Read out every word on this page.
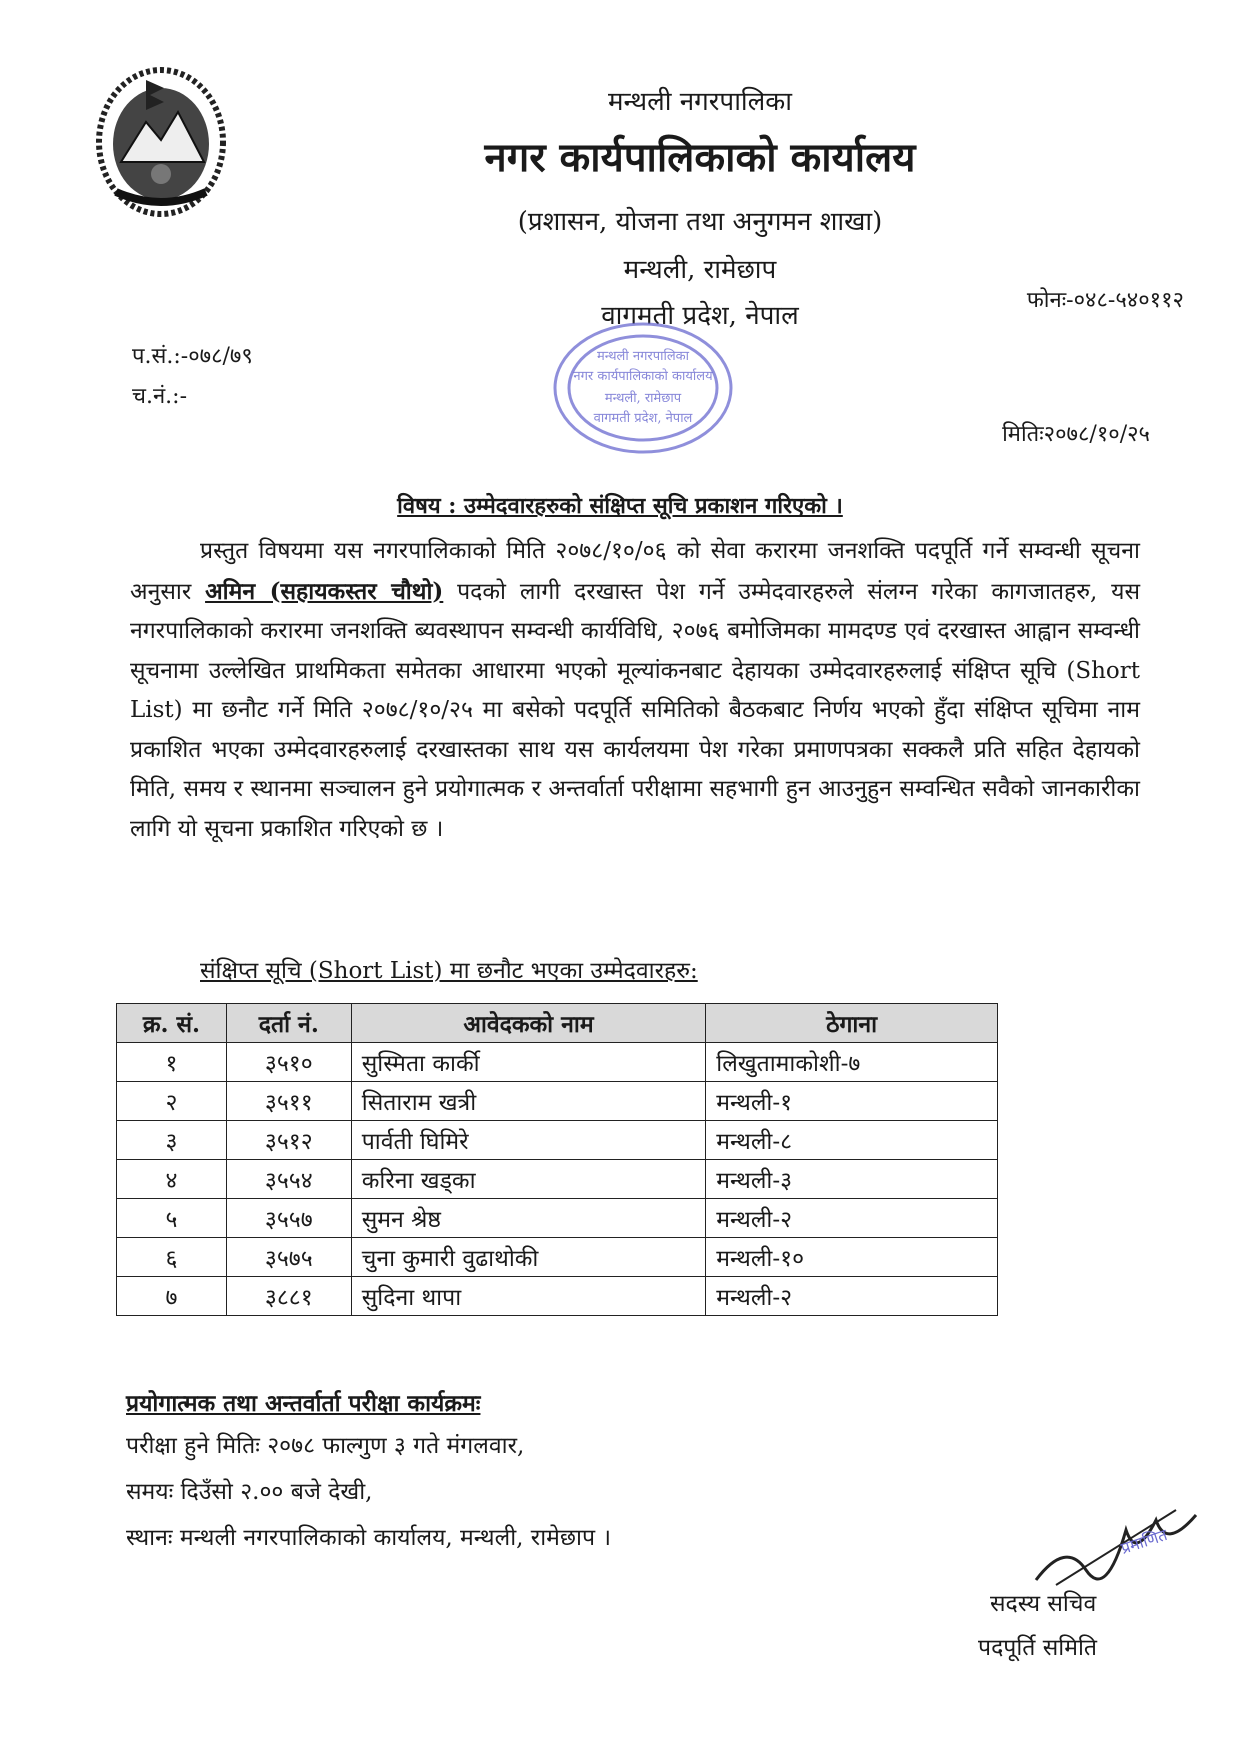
मन्थली नगरपालिका
नगर कार्यपालिकाको कार्यालय
(प्रशासन, योजना तथा अनुगमन शाखा)
मन्थली, रामेछाप
वागमती प्रदेश, नेपाल
फोनः-०४८-५४०११२
प.सं.:-०७८/७९
च.नं.:-
मितिः२०७८/१०/२५
मन्थली नगरपालिका
नगर कार्यपालिकाको कार्यालय
मन्थली, रामेछाप
वागमती प्रदेश, नेपाल
विषय : उम्मेदवारहरुको संक्षिप्त सूचि प्रकाशन गरिएको ।
प्रस्तुत विषयमा यस नगरपालिकाको मिति २०७८/१०/०६ को सेवा करारमा जनशक्ति पदपूर्ति गर्ने सम्वन्धी सूचना अनुसार अमिन (सहायकस्तर चौथो) पदको लागी दरखास्त पेश गर्ने उम्मेदवारहरुले संलग्न गरेका कागजातहरु, यस नगरपालिकाको करारमा जनशक्ति ब्यवस्थापन सम्वन्धी कार्यविधि, २०७६ बमोजिमका मामदण्ड एवं दरखास्त आह्वान सम्वन्धी सूचनामा उल्लेखित प्राथमिकता समेतका आधारमा भएको मूल्यांकनबाट देहायका उम्मेदवारहरुलाई संक्षिप्त सूचि (Short List) मा छनौट गर्ने मिति २०७८/१०/२५ मा बसेको पदपूर्ति समितिको बैठकबाट निर्णय भएको हुँदा संक्षिप्त सूचिमा नाम प्रकाशित भएका उम्मेदवारहरुलाई दरखास्तका साथ यस कार्यलयमा पेश गरेका प्रमाणपत्रका सक्कलै प्रति सहित देहायको मिति, समय र स्थानमा सञ्चालन हुने प्रयोगात्मक र अन्तर्वार्ता परीक्षामा सहभागी हुन आउनुहुन सम्वन्धित सवैको जानकारीका लागि यो सूचना प्रकाशित गरिएको छ ।
संक्षिप्त सूचि (Short List) मा छनौट भएका उम्मेदवारहरु:
क्र. सं.	दर्ता नं.	आवेदकको नाम	ठेगाना
१	३५१०	सुस्मिता कार्की	लिखुतामाकोशी-७
२	३५११	सिताराम खत्री	मन्थली-१
३	३५१२	पार्वती घिमिरे	मन्थली-८
४	३५५४	करिना खड्का	मन्थली-३
५	३५५७	सुमन श्रेष्ठ	मन्थली-२
६	३५७५	चुना कुमारी वुढाथोकी	मन्थली-१०
७	३८८१	सुदिना थापा	मन्थली-२
प्रयोगात्मक तथा अन्तर्वार्ता परीक्षा कार्यक्रमः
परीक्षा हुने मितिः २०७८ फाल्गुण ३ गते मंगलवार,
समयः दिउँसो २.०० बजे देखी,
स्थानः मन्थली नगरपालिकाको कार्यालय, मन्थली, रामेछाप ।	प्रमाणित
सदस्य सचिव
पदपूर्ति समिति
